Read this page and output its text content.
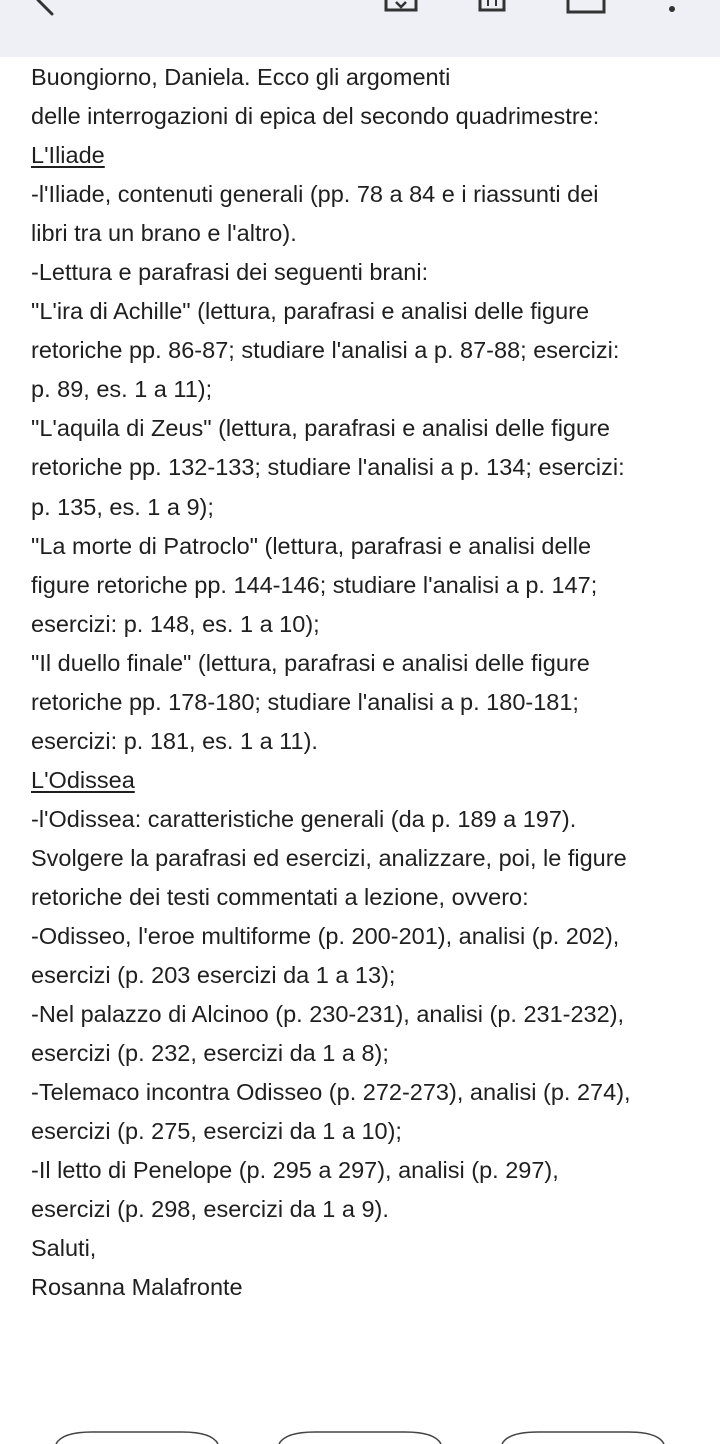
Buongiorno, Daniela. Ecco gli argomenti
delle interrogazioni di epica del secondo quadrimestre:
L'Iliade
-l'Iliade, contenuti generali (pp. 78 a 84 e i riassunti dei
libri tra un brano e l'altro).
-Lettura e parafrasi dei seguenti brani:
"L'ira di Achille" (lettura, parafrasi e analisi delle figure
retoriche pp. 86-87; studiare l'analisi a p. 87-88; esercizi:
p. 89, es. 1 a 11);
"L'aquila di Zeus" (lettura, parafrasi e analisi delle figure
retoriche pp. 132-133; studiare l'analisi a p. 134; esercizi:
p. 135, es. 1 a 9);
"La morte di Patroclo" (lettura, parafrasi e analisi delle
figure retoriche pp. 144-146; studiare l'analisi a p. 147;
esercizi: p. 148, es. 1 a 10);
"Il duello finale" (lettura, parafrasi e analisi delle figure
retoriche pp. 178-180; studiare l'analisi a p. 180-181;
esercizi: p. 181, es. 1 a 11).
L'Odissea
-l'Odissea: caratteristiche generali (da p. 189 a 197).
Svolgere la parafrasi ed esercizi, analizzare, poi, le figure
retoriche dei testi commentati a lezione, ovvero:
-Odisseo, l'eroe multiforme (p. 200-201), analisi (p. 202),
esercizi (p. 203 esercizi da 1 a 13);
-Nel palazzo di Alcinoo (p. 230-231), analisi (p. 231-232),
esercizi (p. 232, esercizi da 1 a 8);
-Telemaco incontra Odisseo (p. 272-273), analisi (p. 274),
esercizi (p. 275, esercizi da 1 a 10);
-Il letto di Penelope (p. 295 a 297), analisi (p. 297),
esercizi (p. 298, esercizi da 1 a 9).
Saluti,
Rosanna Malafronte
